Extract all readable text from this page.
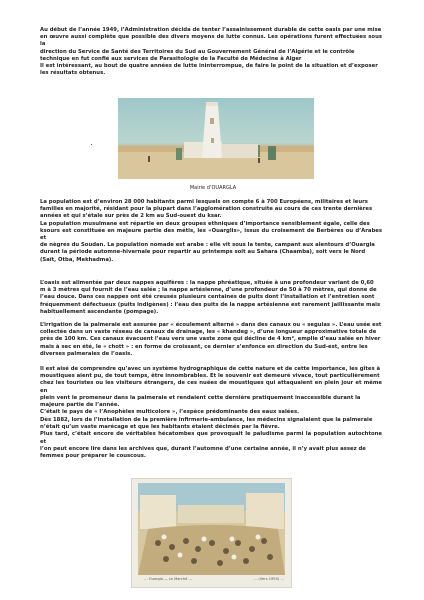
Au début de l’année 1949, l’Administration décida de tenter l’assainissement durable de cette oasis par une mise
en œuvre aussi complète que possible des divers moyens de lutte connus. Les opérations furent effectuées sous la
direction du Service de Santé des Territoires du Sud au Gouvernement Général de l’Algérie et le contrôle
technique en fut confié aux services de Parasitologie de la Faculté de Médecine à Alger
Il est intéressant, au bout de quatre années de lutte ininterrompue, de faire le point de la situation et d’exposer
les résultats obtenus.
Mairie d’OUARGLA
La population est d’environ 28 000 habitants parmi lesquels on compte 6 à 700 Européens, militaires et leurs
familles en majorité, résidant pour la plupart dans l’agglomération construite au cours de ces trente dernières
années et qui s’étale sur près de 2 km au Sud-ouest du ksar.
La population musulmane est répartie en deux groupes ethniques d’importance sensiblement égale, celle des
ksours est constituée en majeure partie des métis, les «Ouarglis», issus du croisement de Berbères ou d’Arabes et
de nègres du Soudan. La population nomade est arabe : elle vit sous la tente, campant aux alentours d’Ouargla
durant la période automne-hivernale pour repartir au printemps soit au Sahara (Chaamba), soit vers le Nord
(Saït, Otba, Mekhadma).
L’oasis est alimentée par deux nappes aquifères : la nappe phréatique, située à une profondeur variant de 0,60
m à 3 mètres qui fournit de l’eau salée ; la nappe artésienne, d’une profondeur de 50 à 70 mètres, qui donne de
l’eau douce. Dans ces nappes ont été creusés plusieurs centaines de puits dont l’installation et l’entretien sont
fréquemment défectueux (puits indigènes) : l’eau des puits de la nappe artésienne est rarement jaillissante mais
habituellement ascendante (pompage).
L’irrigation de la palmeraie est assurée par « écoulement alterné » dans des canaux ou « seguias ». L’eau usée est
collectée dans un vaste réseau de canaux de drainage, les « khandeg », d’une longueur approximative totale de
près de 100 km. Ces canaux évacuent l’eau vers une vaste zone qui décline de 4 km², emplie d’eau salée en hiver
mais à sec en été, le « chott » : en forme de croissant, ce dernier s’enfonce en direction du Sud-est, entre les
diverses palmeraies de l’oasis.
Il est aisé de comprendre qu’avec un système hydrographique de cette nature et de cette importance, les gîtes à
moustiques aient pu, de tout temps, être innombrables. Et le souvenir est demeuré vivace, tout particulièrement
chez les touristes ou les visiteurs étrangers, de ces nuées de moustiques qui attaquaient en plein jour et même en
plein vent le promeneur dans la palmeraie et rendaient cette dernière pratiquement inaccessible durant la
majeure partie de l’année.
C’était le pays de « l’Anophèles multicolore », l’espèce prédominante des eaux salées.
Dès 1882, lors de l’installation de la première infirmerie-ambulance, les médecins signalaient que la palmeraie
n’était qu’un vaste marécage et que les habitants étaient décimés par la fièvre.
Plus tard, c’était encore de véritables hécatombes que provoquait le paludisme parmi la population autochtone et
l’on peut encore lire dans les archives que, durant l’automne d’une certaine année, il n’y avait plus assez de
femmes pour préparer le couscous.
… Ouargla — Le Marché …	… (Vers 1950) …
